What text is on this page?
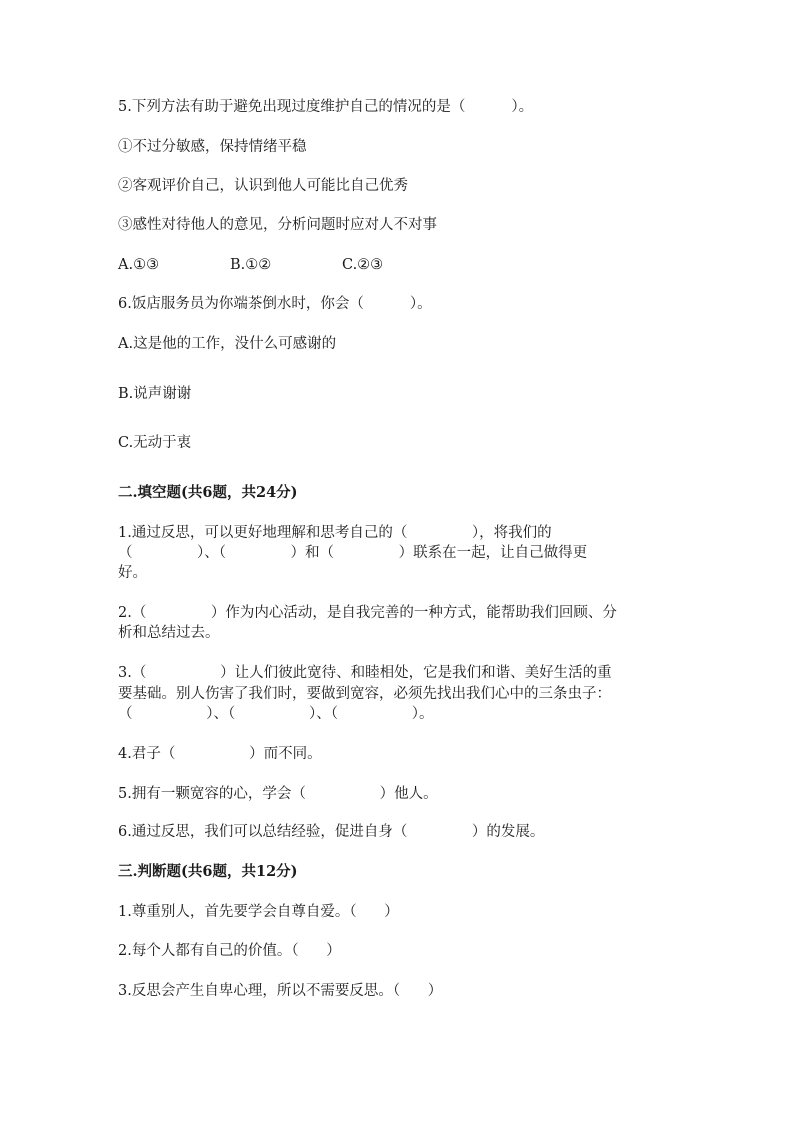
5.下列方法有助于避免出现过度维护自己的情况的是（          ）。
①不过分敏感，保持情绪平稳
②客观评价自己，认识到他人可能比自己优秀
③感性对待他人的意见，分析问题时应对人不对事

A.①③

	B.①②

	C.②③

6.饭店服务员为你端茶倒水时，你会（          ）。
A.这是他的工作，没什么可感谢的
B.说声谢谢
C.无动于衷
二.填空题(共6题，共24分)
1.通过反思，可以更好地理解和思考自己的（              ），将我们的
（              ）、（              ）和（              ）联系在一起，让自己做得更
好。
2.（              ）作为内心活动，是自我完善的一种方式，能帮助我们回顾、分
析和总结过去。
3.（                ）让人们彼此宽待、和睦相处，它是我们和谐、美好生活的重
要基础。别人伤害了我们时，要做到宽容，必须先找出我们心中的三条虫子：
（                ）、（                ）、（                ）。
4.君子（                ）而不同。
5.拥有一颗宽容的心，学会（                ）他人。
6.通过反思，我们可以总结经验，促进自身（              ）的发展。
三.判断题(共6题，共12分)
1.尊重别人，首先要学会自尊自爱。（      ）
2.每个人都有自己的价值。（      ）
3.反思会产生自卑心理，所以不需要反思。（      ）
